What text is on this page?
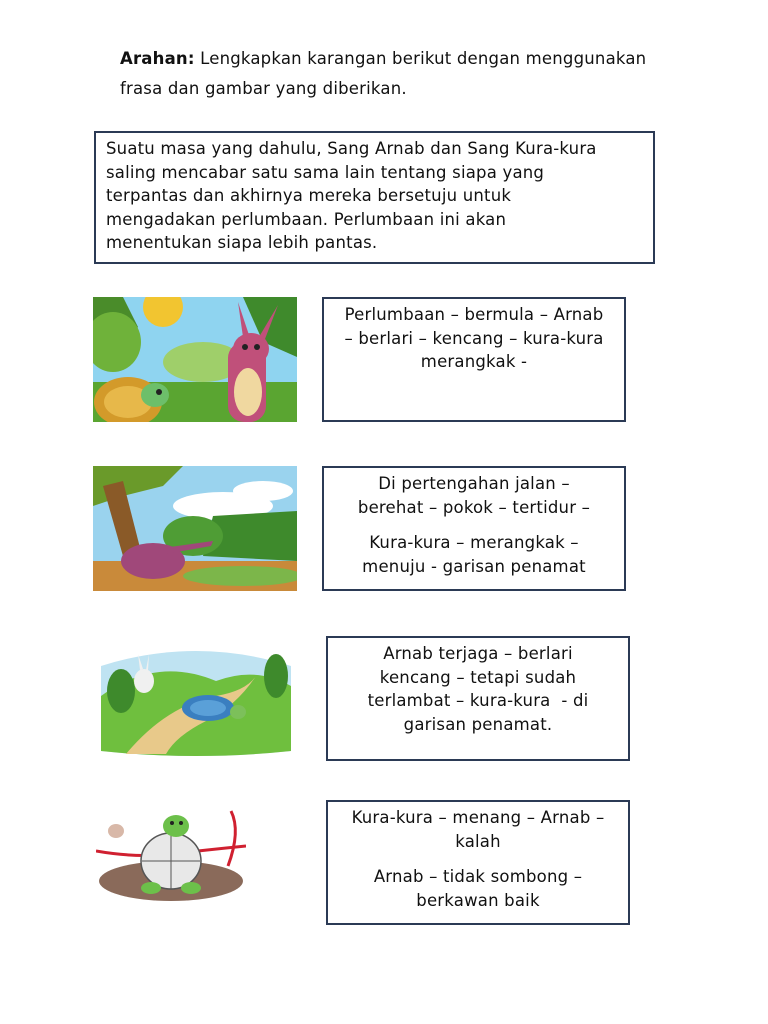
Arahan: Lengkapkan karangan berikut dengan menggunakan
frasa dan gambar yang diberikan.
Suatu masa yang dahulu, Sang Arnab dan Sang Kura-kura
saling mencabar satu sama lain tentang siapa yang
terpantas dan akhirnya mereka bersetuju untuk
mengadakan perlumbaan. Perlumbaan ini akan
menentukan siapa lebih pantas.

Perlumbaan – bermula – Arnab
– berlari – kencang – kura-kura
merangkak -

Di pertengahan jalan –
berehat – pokok – tertidur –

Kura-kura – merangkak –
menuju - garisan penamat

Arnab terjaga – berlari
kencang – tetapi sudah
terlambat – kura-kura  - di
garisan penamat.

Kura-kura – menang – Arnab –
kalah

Arnab – tidak sombong –
berkawan baik
